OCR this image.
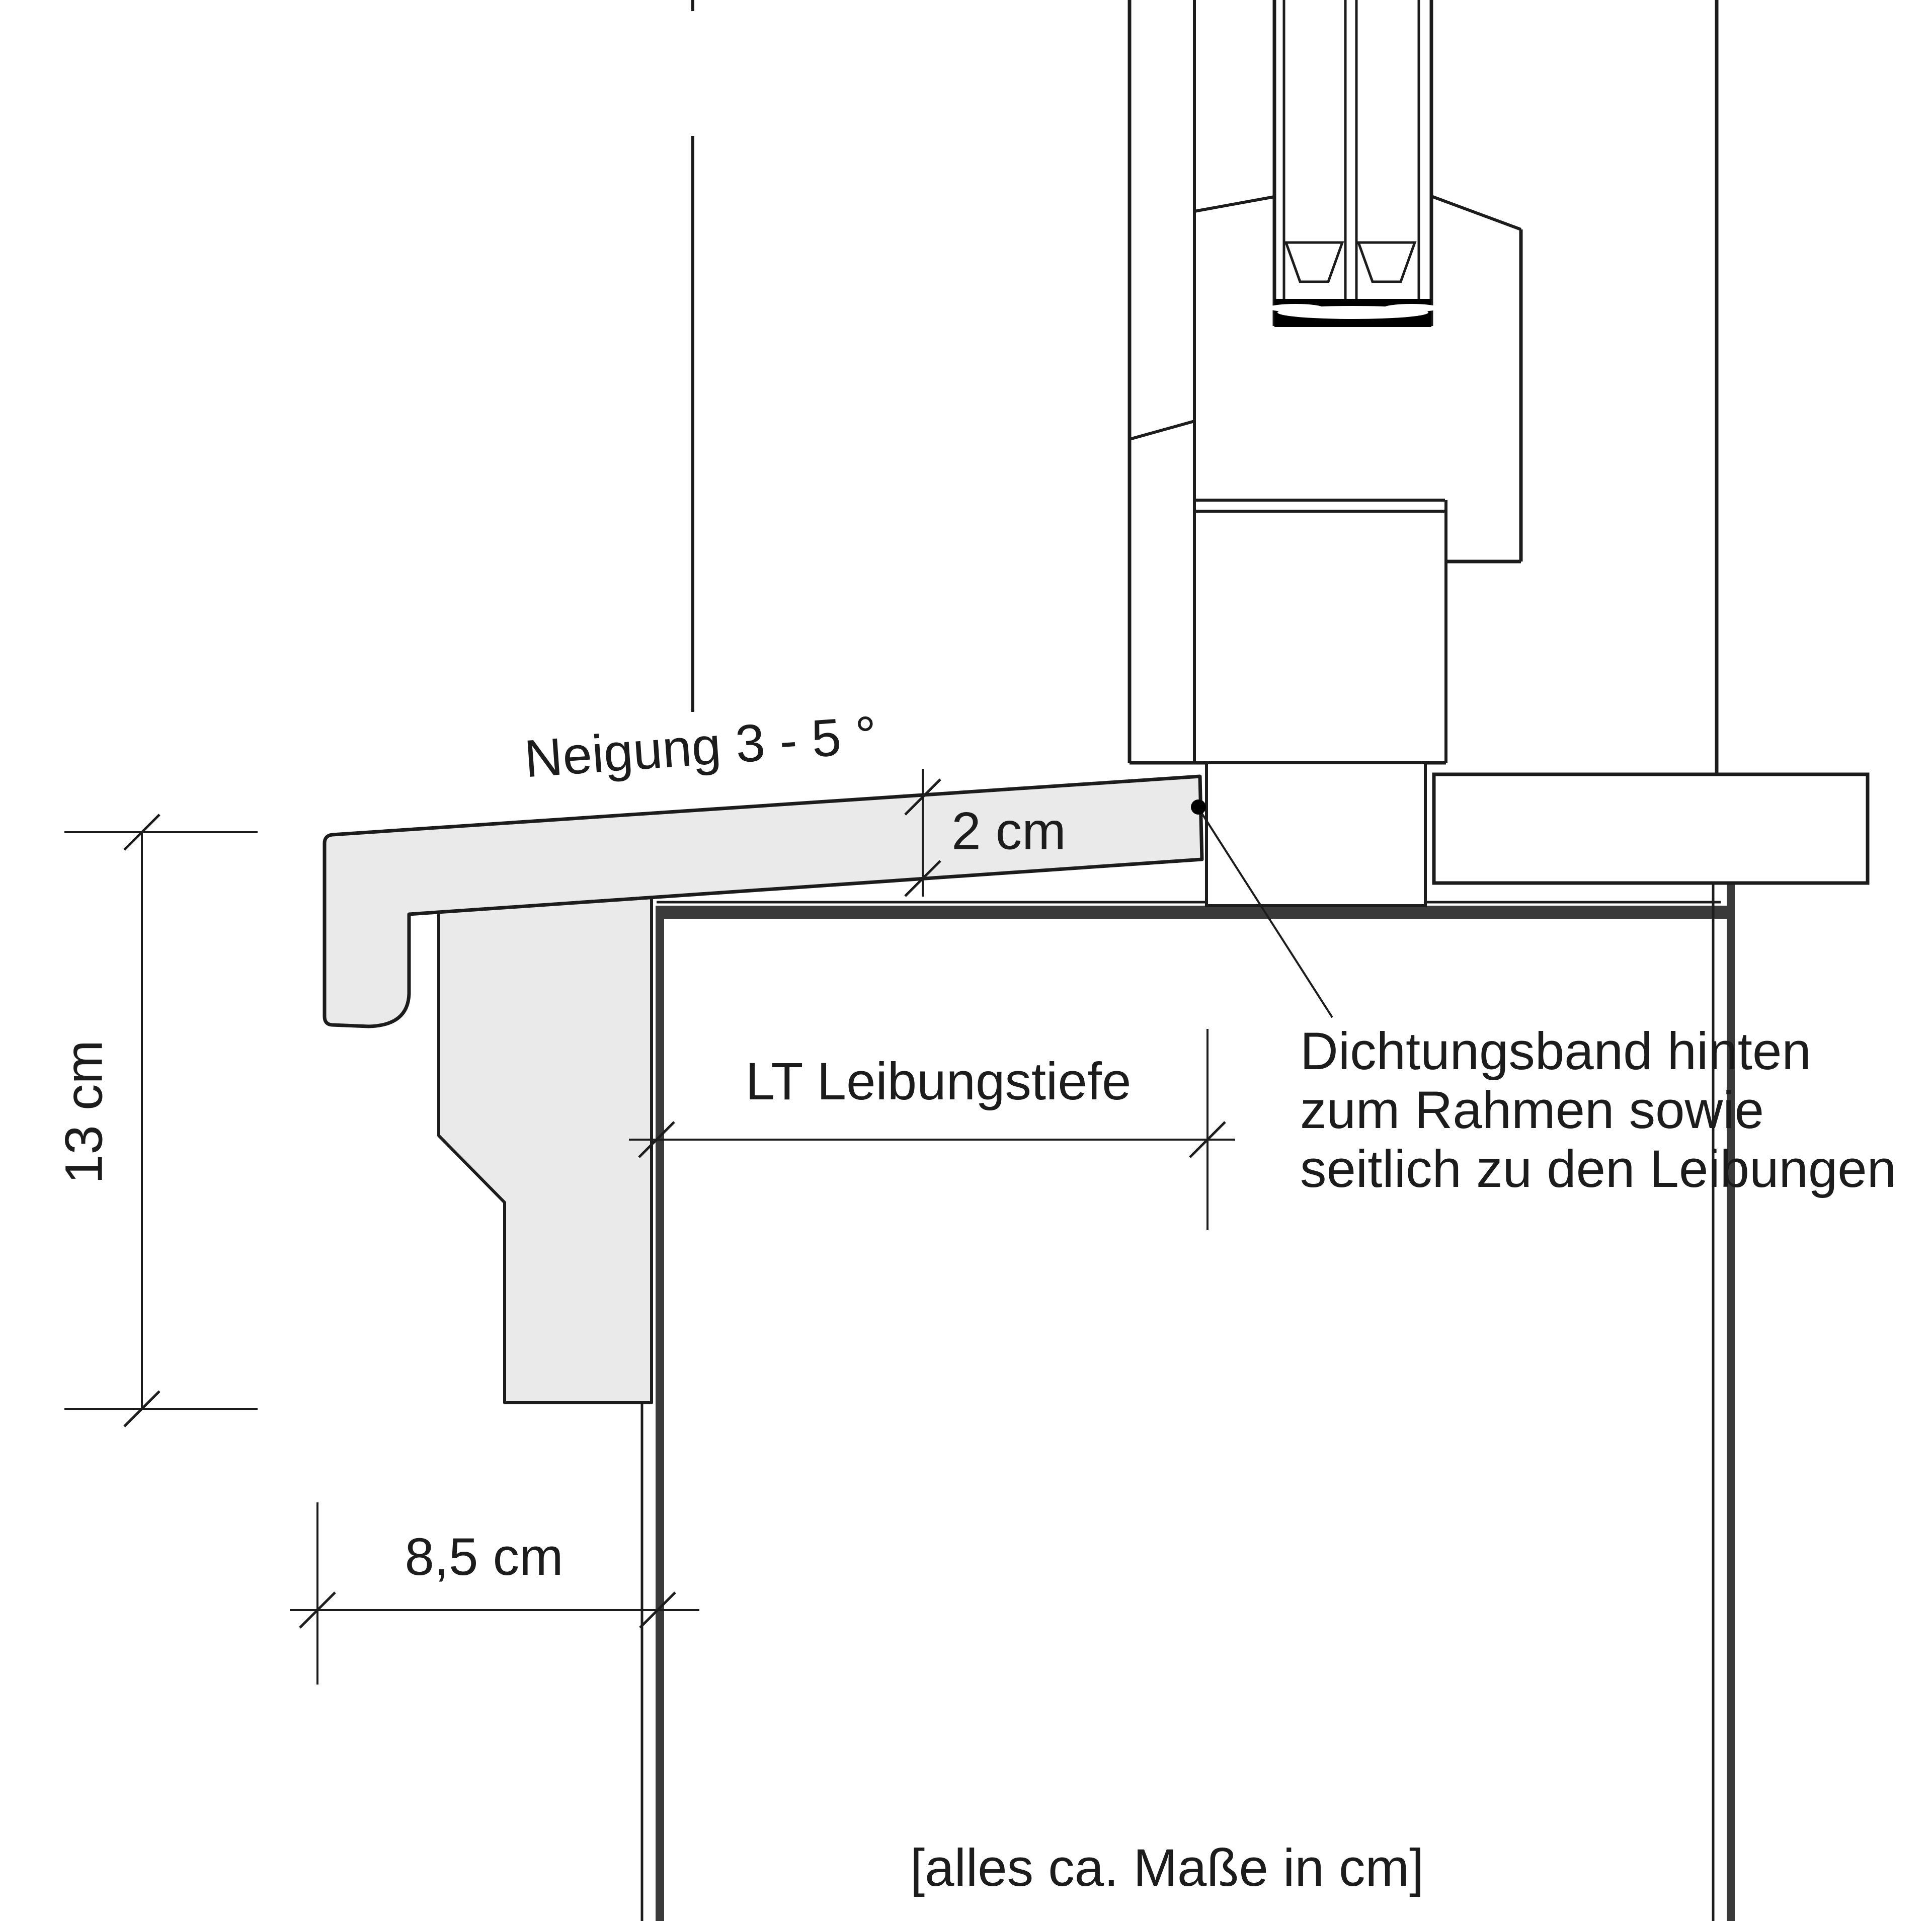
13 cm
2 cm
LT Leibungstiefe
8,5 cm
Neigung 3 - 5 °
Dichtungsband hinten
zum Rahmen sowie
seitlich zu den Leibungen
[alles ca. Maße in cm]
